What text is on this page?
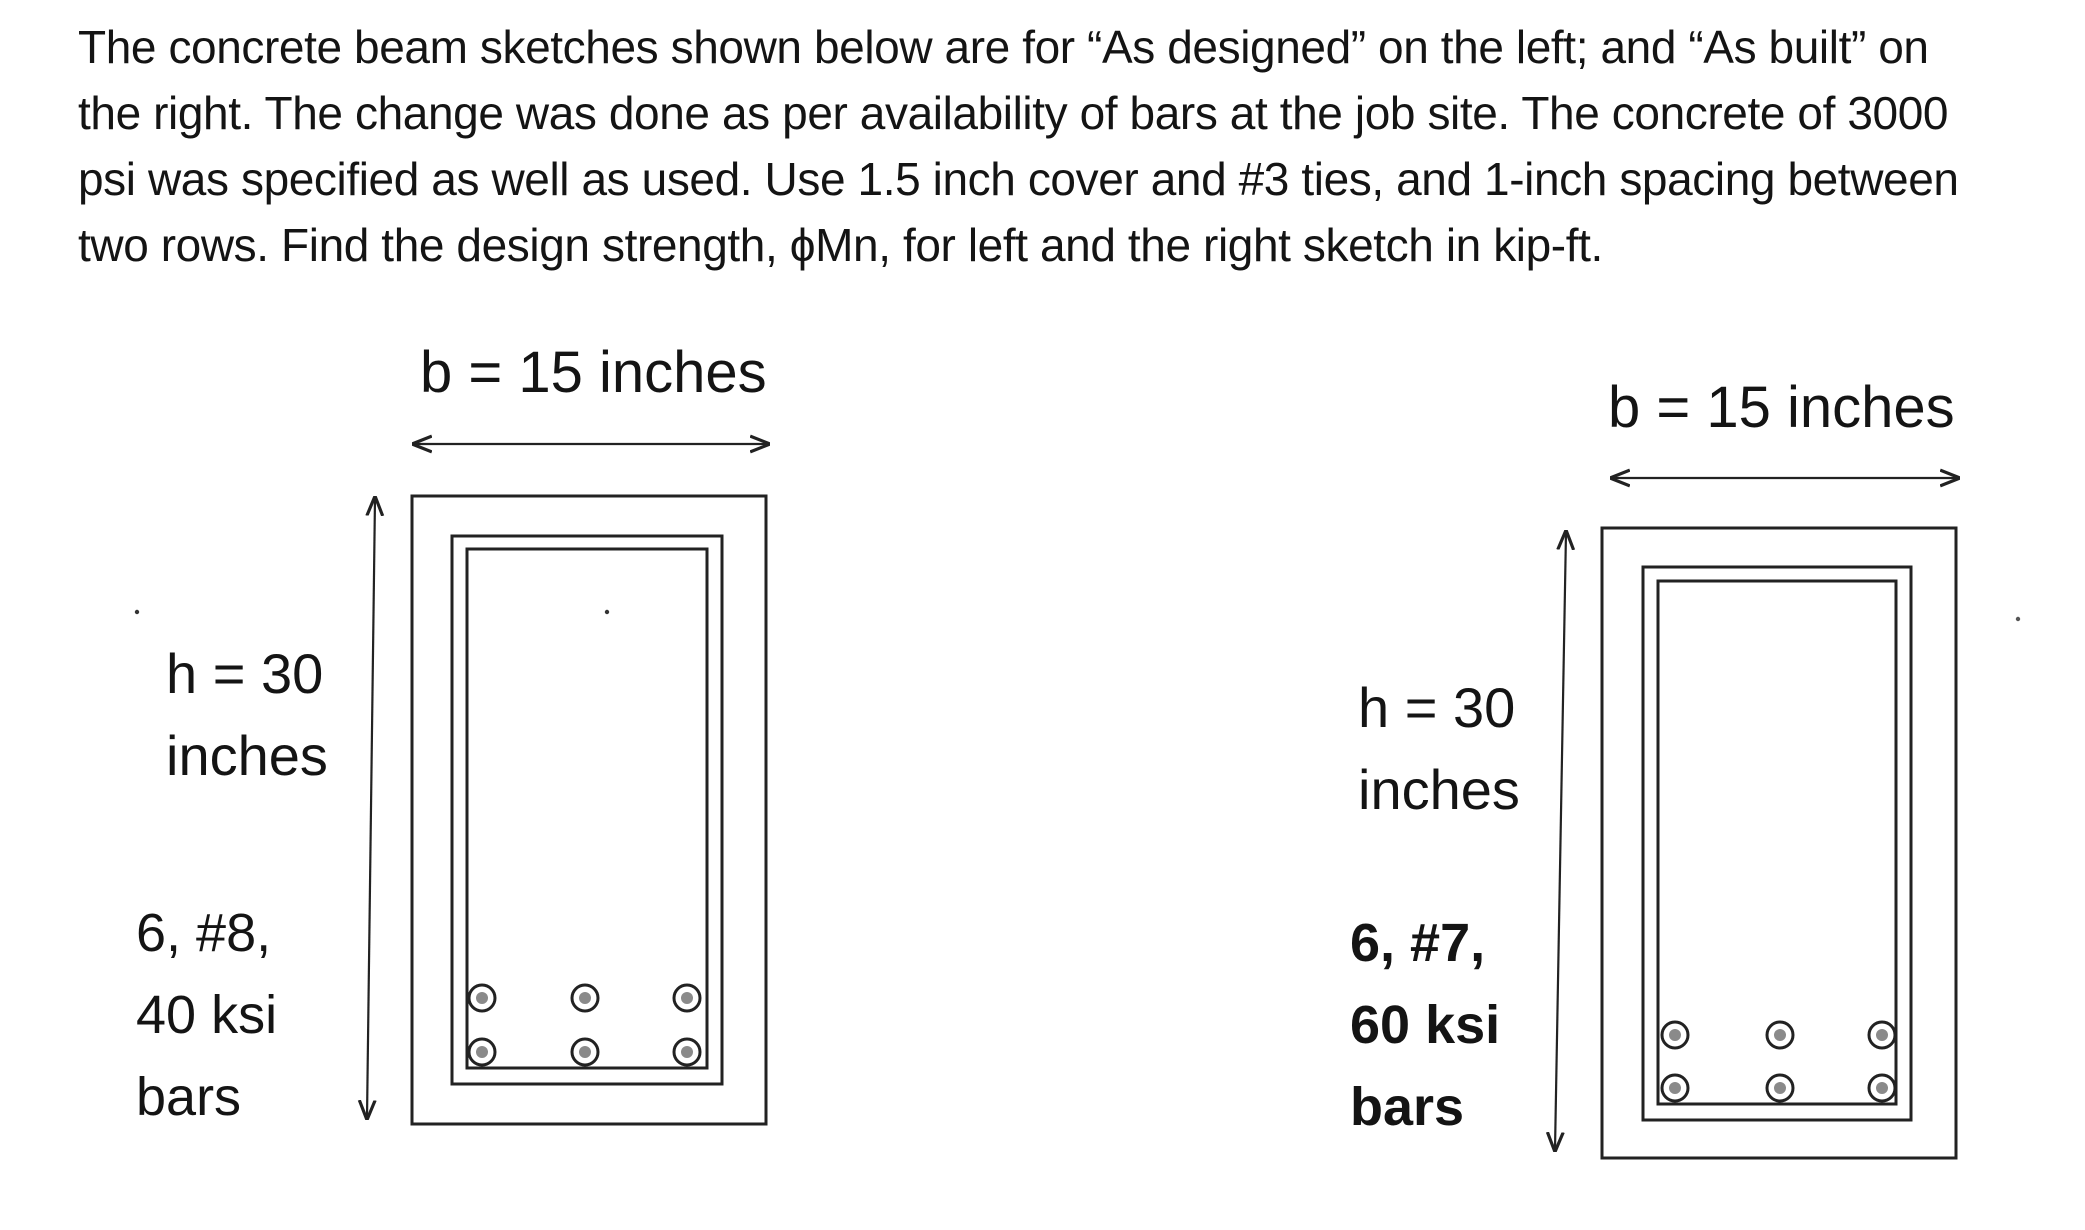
The concrete beam sketches shown below are for “As designed” on the left; and “As built” on

the right. The change was done as per availability of bars at the job site. The concrete of 3000

psi was specified as well as used. Use 1.5 inch cover and #3 ties, and 1-inch spacing between

two rows. Find the design strength, ϕMn, for left and the right sketch in kip-ft.

b = 15 inches
h = 30
inches
6, #8,
40 ksi
bars
b = 15 inches
h = 30
inches
6, #7,
60 ksi
bars
